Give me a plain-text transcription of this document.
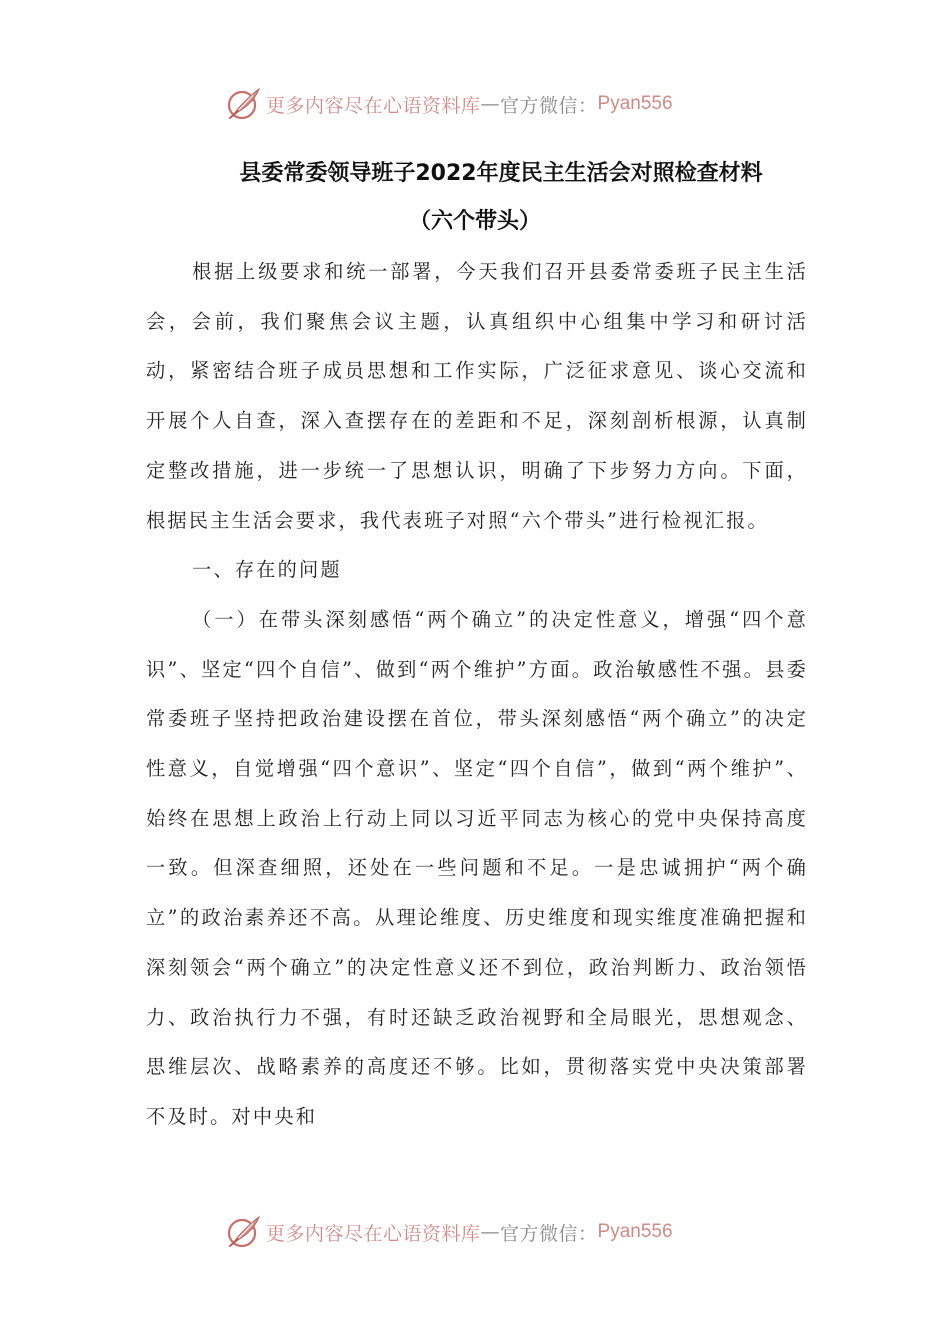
更多内容尽在心语资料库 — 官方微信： Pyan556
县委常委领导班子2022年度民主生活会对照检查材料
（六个带头）

根据上级要求和统一部署，今天我们召开县委常委班子民主生活会，会前，我们聚焦会议主题，认真组织中心组集中学习和研讨活动，紧密结合班子成员思想和工作实际，广泛征求意见、谈心交流和开展个人自查，深入查摆存在的差距和不足，深刻剖析根源，认真制定整改措施，进一步统一了思想认识，明确了下步努力方向。下面，根据民主生活会要求，我代表班子对照“六个带头”进行检视汇报。

一、存在的问题

（一）在带头深刻感悟“两个确立”的决定性意义，增强“四个意识”、坚定“四个自信”、做到“两个维护”方面。政治敏感性不强。县委常委班子坚持把政治建设摆在首位，带头深刻感悟“两个确立”的决定性意义，自觉增强“四个意识”、坚定“四个自信”，做到“两个维护”、始终在思想上政治上行动上同以习近平同志为核心的党中央保持高度一致。但深查细照，还处在一些问题和不足。一是忠诚拥护“两个确立”的政治素养还不高。从理论维度、历史维度和现实维度准确把握和深刻领会“两个确立”的决定性意义还不到位，政治判断力、政治领悟力、政治执行力不强，有时还缺乏政治视野和全局眼光，思想观念、思维层次、战略素养的高度还不够。比如，贯彻落实党中央决策部署不及时。对中央和

更多内容尽在心语资料库 — 官方微信： Pyan556
